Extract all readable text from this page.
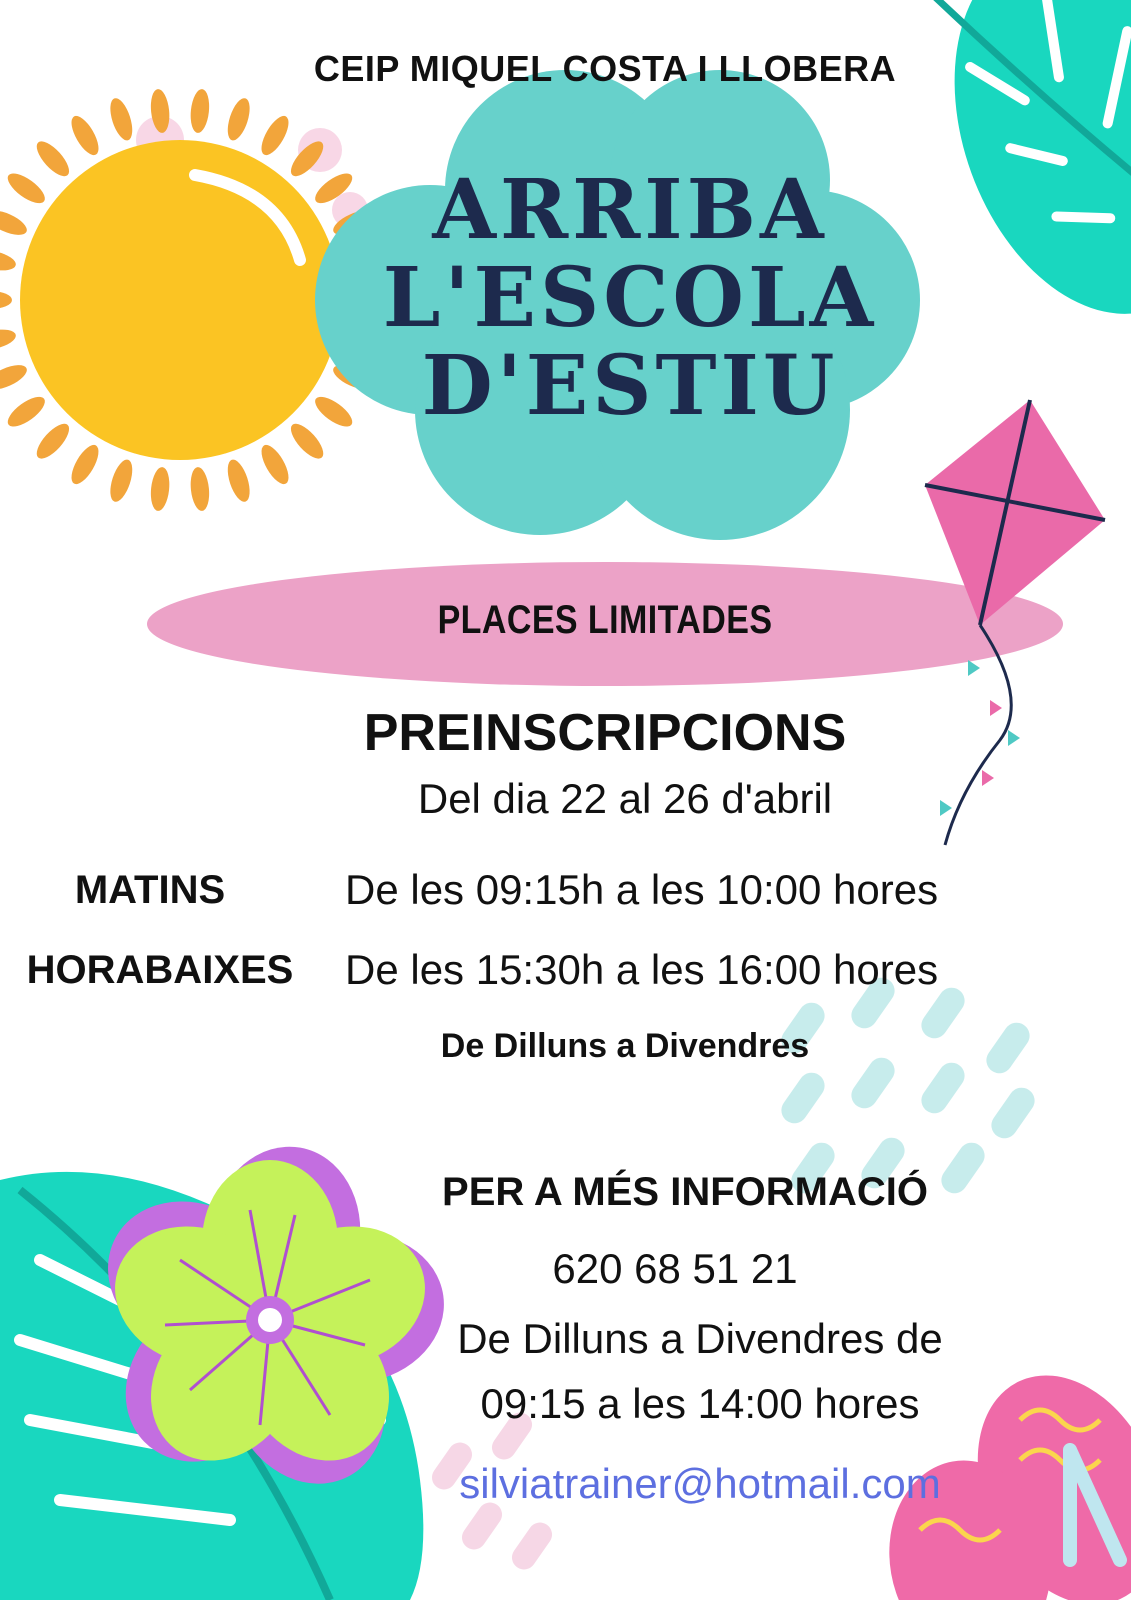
CEIP MIQUEL COSTA I LLOBERA
ARRIBA
L'ESCOLA
D'ESTIU
PLACES LIMITADES
PREINSCRIPCIONS
Del dia 22 al 26 d'abril
MATINS	De les 09:15h a les 10:00 hores
HORABAIXES	De les 15:30h a les 16:00 hores
De Dilluns a Divendres
PER A MÉS INFORMACIÓ
620 68 51 21
De Dilluns a Divendres de
09:15 a les 14:00 hores
silviatrainer@hotmail.com
